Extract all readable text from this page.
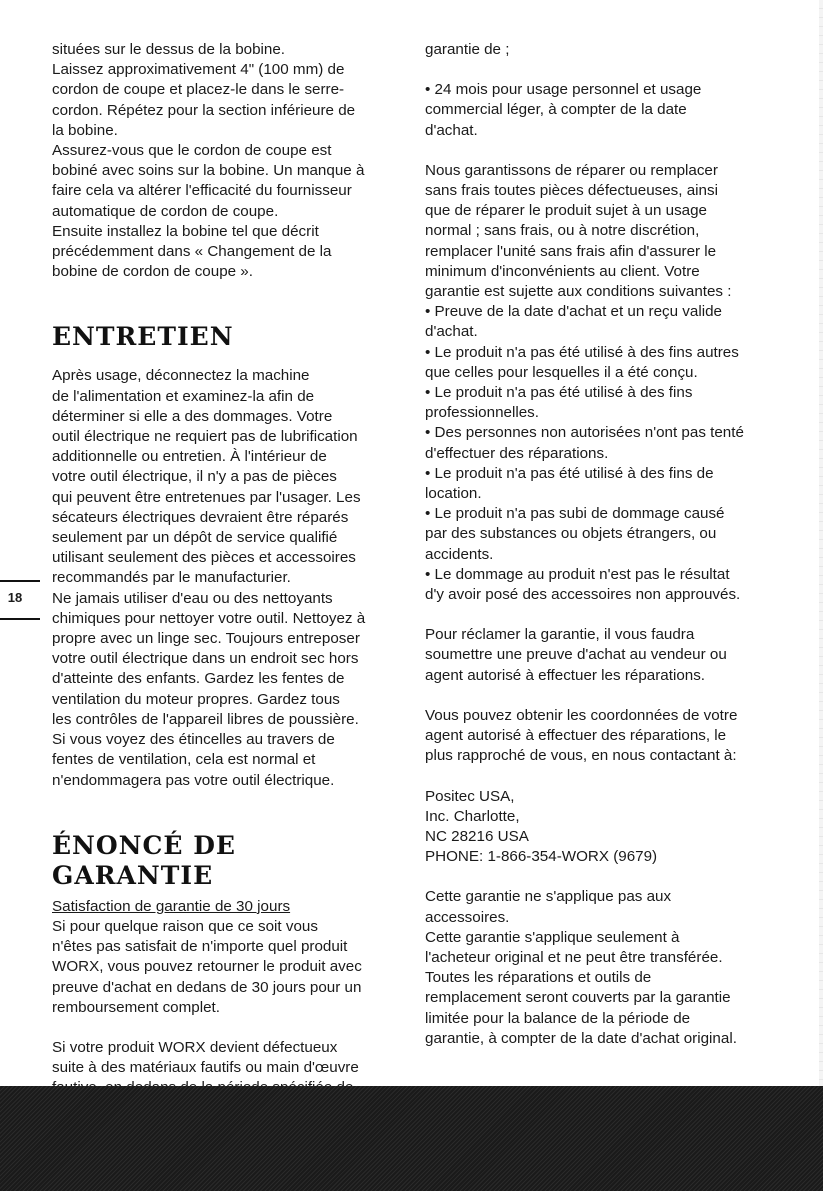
situées sur le dessus de la bobine.
Laissez approximativement 4" (100 mm) de
cordon de coupe et placez-le dans le serre-
cordon. Répétez pour la section inférieure de
la bobine.
Assurez-vous que le cordon de coupe est
bobiné avec soins sur la bobine. Un manque à
faire cela va altérer l'efficacité du fournisseur
automatique de cordon de coupe.
Ensuite installez la bobine tel que décrit
précédemment dans « Changement de la
bobine de cordon de coupe ».

ENTRETIEN

Après usage, déconnectez la machine
de l'alimentation et examinez-la afin de
déterminer si elle a des dommages. Votre
outil électrique ne requiert pas de lubrification
additionnelle ou entretien. À l'intérieur de
votre outil électrique, il n'y a pas de pièces
qui peuvent être entretenues par l'usager. Les
sécateurs électriques devraient être réparés
seulement par un dépôt de service qualifié
utilisant seulement des pièces et accessoires
recommandés par le manufacturier.
Ne jamais utiliser d'eau ou des nettoyants
chimiques pour nettoyer votre outil. Nettoyez à
propre avec un linge sec. Toujours entreposer
votre outil électrique dans un endroit sec hors
d'atteinte des enfants. Gardez les fentes de
ventilation du moteur propres. Gardez tous
les contrôles de l'appareil libres de poussière.
Si vous voyez des étincelles au travers de
fentes de ventilation, cela est normal et
n'endommagera pas votre outil électrique.

ÉNONCÉ DE GARANTIE

Satisfaction de garantie de 30 jours

Si pour quelque raison que ce soit vous
n'êtes pas satisfait de n'importe quel produit
WORX, vous pouvez retourner le produit avec
preuve d'achat en dedans de 30 jours pour un
remboursement complet.

Si votre produit WORX devient défectueux
suite à des matériaux fautifs ou main d'œuvre

garantie de ;

• 24 mois pour usage personnel et usage
commercial léger, à compter de la date
d'achat.

Nous garantissons de réparer ou remplacer
sans frais toutes pièces défectueuses, ainsi
que de réparer le produit sujet à un usage
normal ; sans frais, ou à notre discrétion,
remplacer l'unité sans frais afin d'assurer le
minimum d'inconvénients au client. Votre
garantie est sujette aux conditions suivantes :
• Preuve de la date d'achat et un reçu valide
d'achat.
• Le produit n'a pas été utilisé à des fins autres
que celles pour lesquelles il a été conçu.
• Le produit n'a pas été utilisé à des fins
professionnelles.
• Des personnes non autorisées n'ont pas tenté
d'effectuer des réparations.
• Le produit n'a pas été utilisé à des fins de
location.
• Le produit n'a pas subi de dommage causé
par des substances ou objets étrangers, ou
accidents.
• Le dommage au produit n'est pas le résultat
d'y avoir posé des accessoires non approuvés.

Pour réclamer la garantie, il vous faudra
soumettre une preuve d'achat au vendeur ou
agent autorisé à effectuer les réparations.

Vous pouvez obtenir les coordonnées de votre
agent autorisé à effectuer des réparations, le
plus rapproché de vous, en nous contactant à:

Positec USA,
Inc. Charlotte,
NC 28216 USA
PHONE: 1-866-354-WORX (9679)

Cette garantie ne s'applique pas aux
accessoires.
Cette garantie s'applique seulement à
l'acheteur original et ne peut être transférée.
Toutes les réparations et outils de
remplacement seront couverts par la garantie
limitée pour la balance de la période de
garantie, à compter de la date d'achat original.

18
